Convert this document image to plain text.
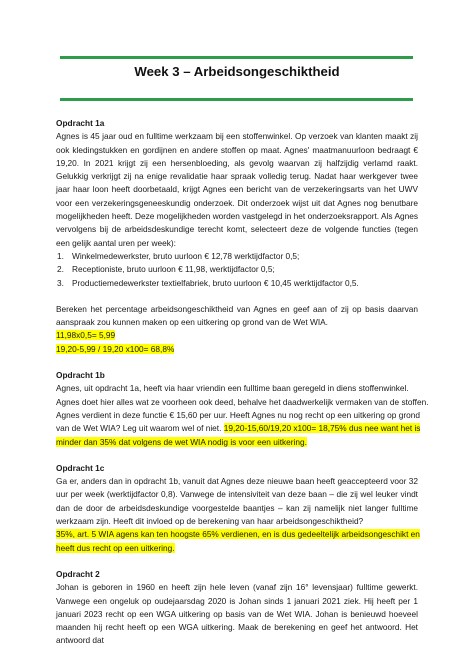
Week 3 – Arbeidsongeschiktheid
Opdracht 1a

Agnes is 45 jaar oud en fulltime werkzaam bij een stoffenwinkel. Op verzoek van klanten maakt zij ook kledingstukken en gordijnen en andere stoffen op maat. Agnes' maatmanuurloon bedraagt € 19,20. In 2021 krijgt zij een hersenbloeding, als gevolg waarvan zij halfzijdig verlamd raakt. Gelukkig verkrijgt zij na enige revalidatie haar spraak volledig terug. Nadat haar werkgever twee jaar haar loon heeft doorbetaald, krijgt Agnes een bericht van de verzekeringsarts van het UWV voor een verzekeringsgeneeskundig onderzoek. Dit onderzoek wijst uit dat Agnes nog benutbare mogelijkheden heeft. Deze mogelijkheden worden vastgelegd in het onderzoeksrapport. Als Agnes vervolgens bij de arbeidsdeskundige terecht komt, selecteert deze de volgende functies (tegen een gelijk aantal uren per week):

1. Winkelmedewerkster, bruto uurloon € 12,78 werktijdfactor 0,5;
2. Receptioniste, bruto uurloon € 11,98, werktijdfactor 0,5;
3. Productiemedewerkster textielfabriek, bruto uurloon € 10,45 werktijdfactor 0,5.

Bereken het percentage arbeidsongeschiktheid van Agnes en geef aan of zij op basis daarvan aanspraak zou kunnen maken op een uitkering op grond van de Wet WIA.

11,98x0,5= 5,99
19,20-5,99 / 19,20 x100= 68,8%
Opdracht 1b
Agnes, uit opdracht 1a, heeft via haar vriendin een fulltime baan geregeld in diens stoffenwinkel.
Agnes doet hier alles wat ze voorheen ook deed, behalve het daadwerkelijk vermaken van de stoffen.
Agnes verdient in deze functie € 15,60 per uur. Heeft Agnes nu nog recht op een uitkering op grond
van de Wet WIA? Leg uit waarom wel of niet. 19,20-15,60/19,20 x100= 18,75% dus nee want het is
minder dan 35% dat volgens de wet WIA nodig is voor een uitkering.
Opdracht 1c

Ga er, anders dan in opdracht 1b, vanuit dat Agnes deze nieuwe baan heeft geaccepteerd voor 32 uur per week (werktijdfactor 0,8). Vanwege de intensiviteit van deze baan – die zij wel leuker vindt dan de door de arbeidsdeskundige voorgestelde baantjes – kan zij namelijk niet langer fulltime werkzaam zijn. Heeft dit invloed op de berekening van haar arbeidsongeschiktheid?

35%, art. 5 WIA agens kan ten hoogste 65% verdienen, en is dus gedeeltelijk arbeidsongeschikt en
heeft dus recht op een uitkering.
Opdracht 2

Johan is geboren in 1960 en heeft zijn hele leven (vanaf zijn 16° levensjaar) fulltime gewerkt. Vanwege een ongeluk op oudejaarsdag 2020 is Johan sinds 1 januari 2021 ziek. Hij heeft per 1 januari 2023 recht op een WGA uitkering op basis van de Wet WIA. Johan is benieuwd hoeveel maanden hij recht heeft op een WGA uitkering. Maak de berekening en geef het antwoord. Het antwoord dat
